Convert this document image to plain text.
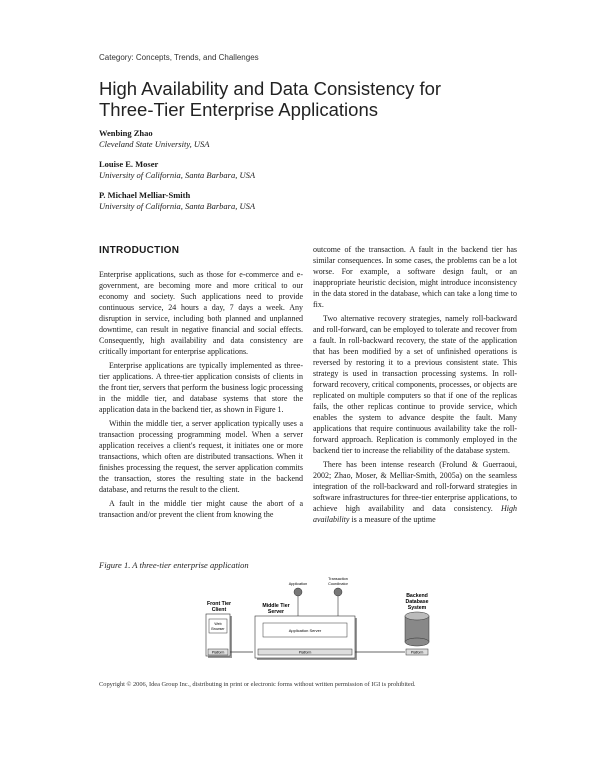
Category: Concepts, Trends, and Challenges
High Availability and Data Consistency for
Three-Tier Enterprise Applications
Wenbing Zhao
Cleveland State University, USA
Louise E. Moser
University of California, Santa Barbara, USA
P. Michael Melliar-Smith
University of California, Santa Barbara, USA
INTRODUCTION

Enterprise applications, such as those for e-commerce and e-government, are becoming more and more critical to our economy and society. Such applications need to provide continuous service, 24 hours a day, 7 days a week. Any disruption in service, including both planned and unplanned downtime, can result in negative financial and social effects. Consequently, high availability and data consistency are critically important for enterprise applications.

Enterprise applications are typically implemented as three-tier applications. A three-tier application consists of clients in the front tier, servers that perform the business logic processing in the middle tier, and database systems that store the application data in the backend tier, as shown in Figure 1.

Within the middle tier, a server application typically uses a transaction processing programming model. When a server application receives a client's request, it initiates one or more transactions, which often are distributed transactions. When it finishes processing the request, the server application commits the transaction, stores the resulting state in the backend database, and returns the result to the client.

A fault in the middle tier might cause the abort of a transaction and/or prevent the client from knowing the

outcome of the transaction. A fault in the backend tier has similar consequences. In some cases, the problems can be a lot worse. For example, a software design fault, or an inappropriate heuristic decision, might introduce inconsistency in the data stored in the database, which can take a long time to fix.

Two alternative recovery strategies, namely roll-backward and roll-forward, can be employed to tolerate and recover from a fault. In roll-backward recovery, the state of the application that has been modified by a set of unfinished operations is reversed by restoring it to a previous consistent state. This strategy is used in transaction processing systems. In roll-forward recovery, critical components, processes, or objects are replicated on multiple computers so that if one of the replicas fails, the other replicas continue to provide service, which enables the system to advance despite the fault. Many applications that require continuous availability take the roll-forward approach. Replication is commonly employed in the backend tier to increase the reliability of the database system.

There has been intense research (Frolund & Guerraoui, 2002; Zhao, Moser, & Melliar-Smith, 2005a) on the seamless integration of the roll-backward and roll-forward strategies in software infrastructures for three-tier enterprise applications, to achieve high availability and data consistency. High availability is a measure of the uptime

Figure 1. A three-tier enterprise application
Front Tier
Client
Web
Browser
Platform
Middle Tier
Server
Application
Transaction
Coordinator
Application Server
Platform
Backend
Database
System
Platform
Copyright © 2006, Idea Group Inc., distributing in print or electronic forms without written permission of IGI is prohibited.
